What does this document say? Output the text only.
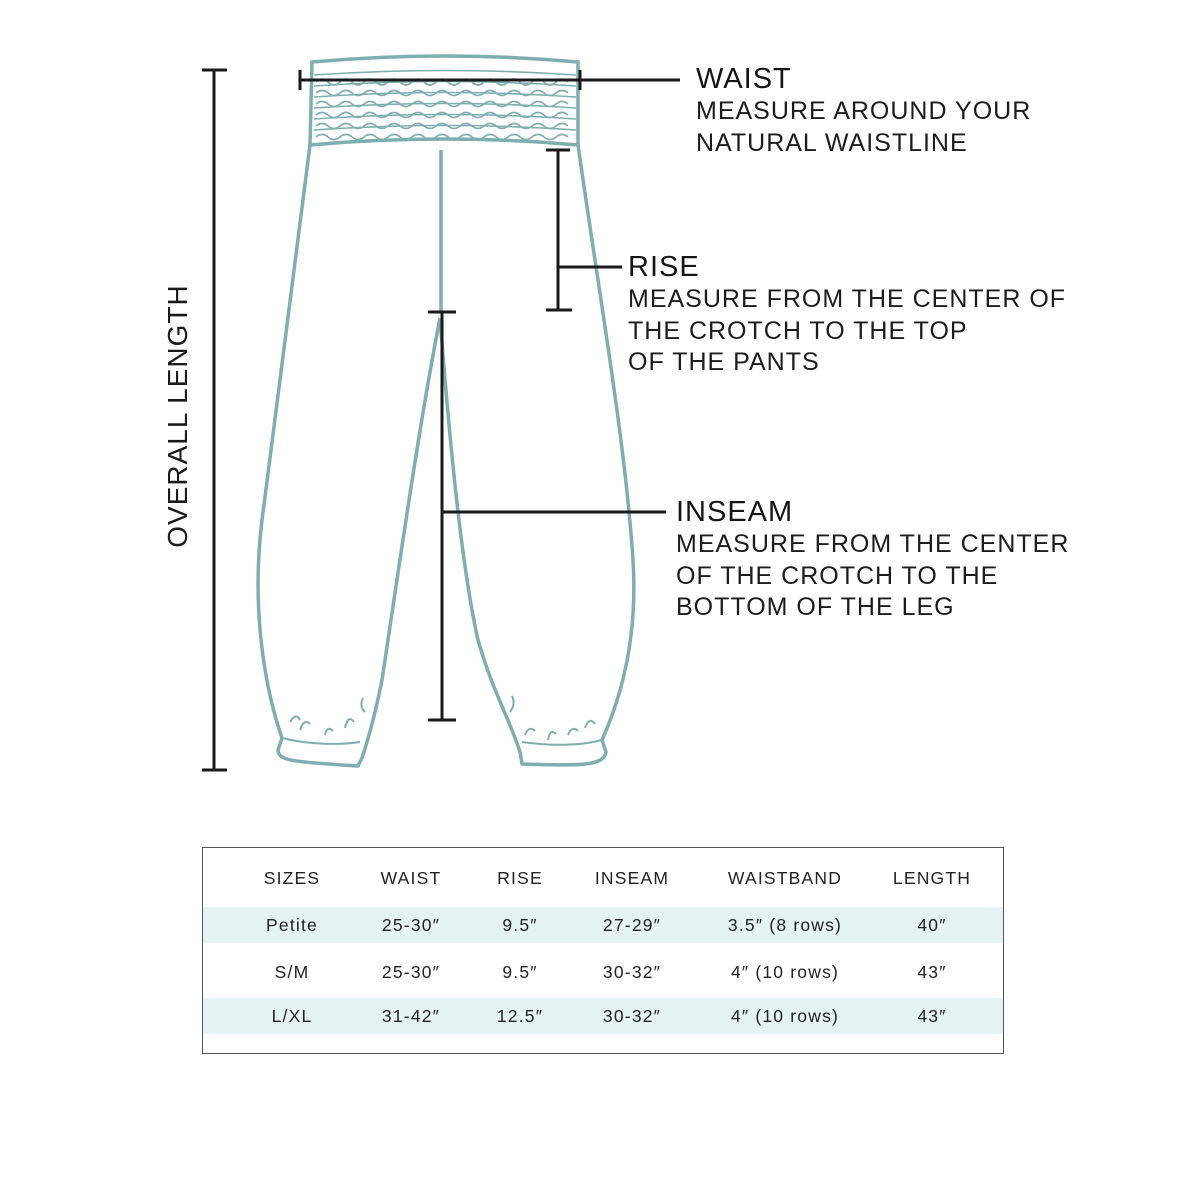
OVERALL LENGTH
WAIST
MEASURE AROUND YOUR
NATURAL WAISTLINE
RISE
MEASURE FROM THE CENTER OF
THE CROTCH TO THE TOP
OF THE PANTS
INSEAM
MEASURE FROM THE CENTER
OF THE CROTCH TO THE
BOTTOM OF THE LEG
SIZES	WAIST	RISE	INSEAM	WAISTBAND	LENGTH
Petite	25-30″	9.5″	27-29″	3.5″ (8 rows)	40″
S/M	25-30″	9.5″	30-32″	4″ (10 rows)	43″
L/XL	31-42″	12.5″	30-32″	4″ (10 rows)	43″
